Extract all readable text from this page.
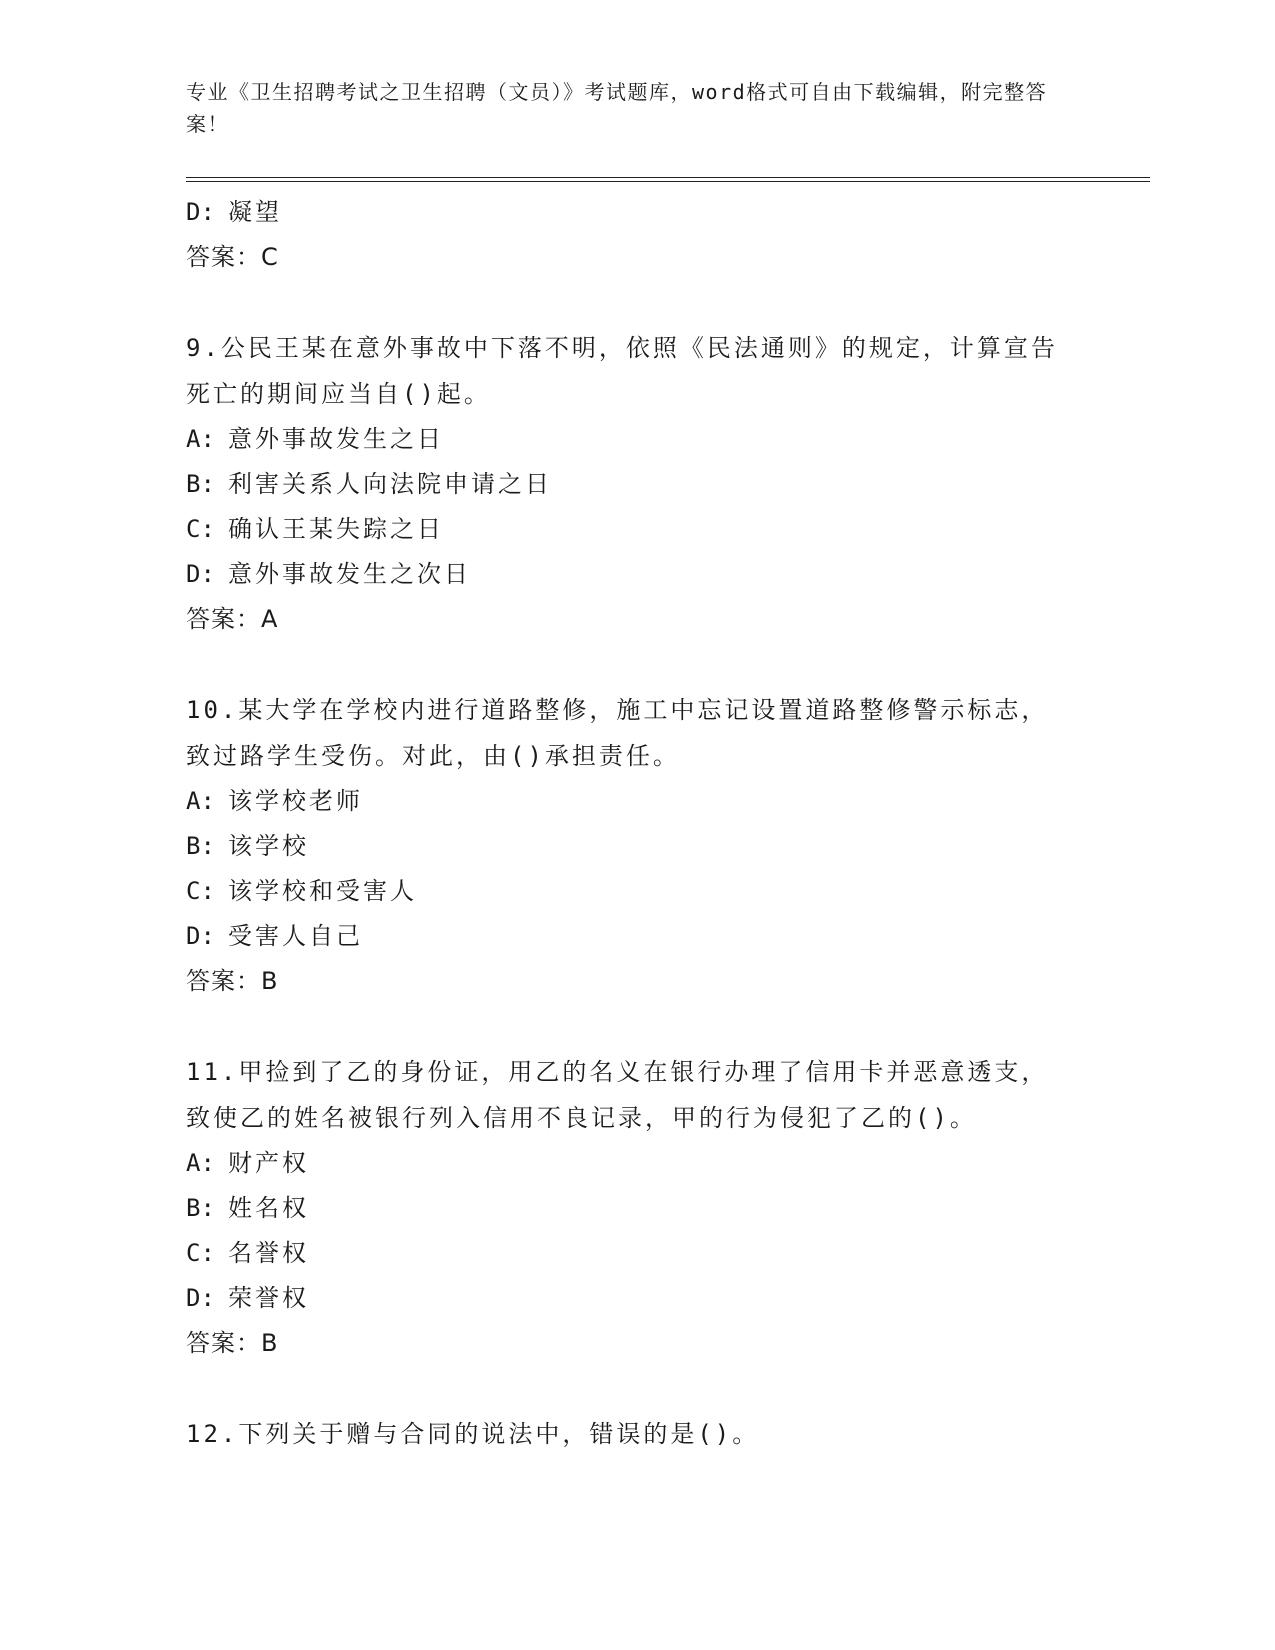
专业《卫生招聘考试之卫生招聘（文员）》考试题库，word格式可自由下载编辑，附完整答案！
D: 凝望
答案：C
9.公民王某在意外事故中下落不明，依照《民法通则》的规定，计算宣告死亡的期间应当自()起。
A: 意外事故发生之日
B: 利害关系人向法院申请之日
C: 确认王某失踪之日
D: 意外事故发生之次日
答案：A
10.某大学在学校内进行道路整修，施工中忘记设置道路整修警示标志，致过路学生受伤。对此，由()承担责任。
A: 该学校老师
B: 该学校
C: 该学校和受害人
D: 受害人自己
答案：B
11.甲捡到了乙的身份证，用乙的名义在银行办理了信用卡并恶意透支，致使乙的姓名被银行列入信用不良记录，甲的行为侵犯了乙的()。
A: 财产权
B: 姓名权
C: 名誉权
D: 荣誉权
答案：B
12.下列关于赠与合同的说法中，错误的是()。
